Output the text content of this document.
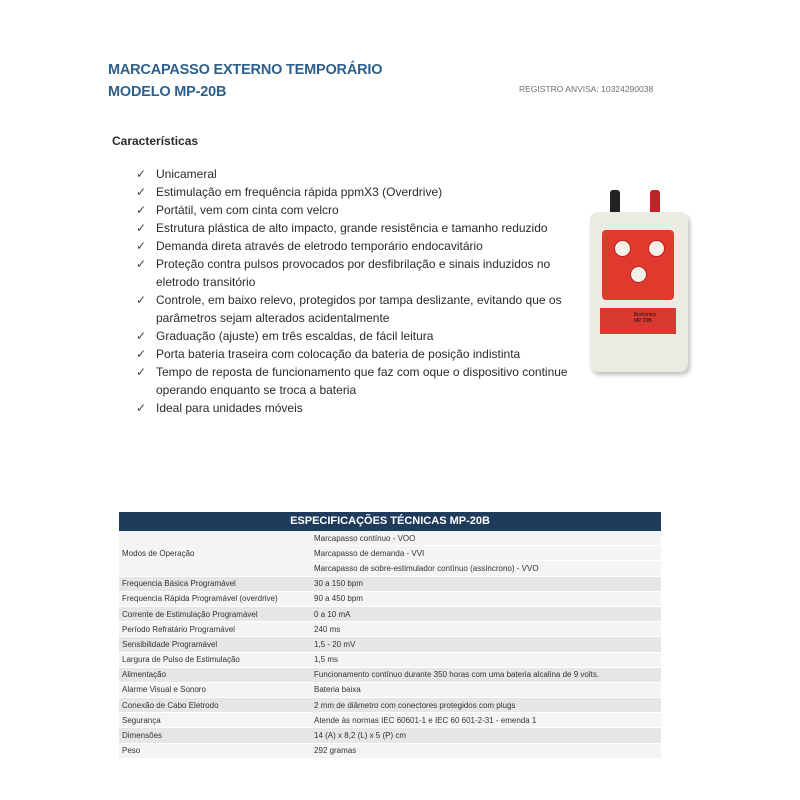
MARCAPASSO EXTERNO TEMPORÁRIO
MODELO MP-20B	REGISTRO ANVISA: 10324290038
Características
✓ Unicameral
✓ Estimulação em frequência rápida ppmX3 (Overdrive)
✓ Portátil, vem com cinta com velcro
✓ Estrutura plástica de alto impacto, grande resistência e tamanho reduzido
✓ Demanda direta através de eletrodo temporário endocavitário
✓ Proteção contra pulsos provocados por desfibrilação e sinais induzidos no eletrodo transitório
✓ Controle, em baixo relevo, protegidos por tampa deslizante, evitando que os parâmetros sejam alterados acidentalmente
✓ Graduação (ajuste) em três escaldas, de fácil leitura
✓ Porta bateria traseira com colocação da bateria de posição indistinta
✓ Tempo de reposta de funcionamento que faz com oque o dispositivo continue operando enquanto se troca a bateria
✓ Ideal para unidades móveis
Biotronics
MP 20B
ESPECIFICAÇÕES TÉCNICAS MP-20B
Modos de Operação	Marcapasso contínuo - VOO
	Marcapasso de demanda - VVI
	Marcapasso de sobre-estimulador contínuo (assíncrono) - VVO
Frequencia Básica Programável	30 a 150 bpm
Frequencia Rápida Programável (overdrive)	90 a 450 bpm
Corrente de Estimulação Programável	0 a 10 mA
Período Refratário Programável	240 ms
Sensibilidade Programável	1,5 - 20 mV
Largura de Pulso de Estimulação	1,5 ms
Alimentação	Funcionamento contínuo durante 350 horas com uma bateria alcalina de 9 volts.
Alarme Visual e Sonoro	Bateria baixa
Conexão de Cabo Eletrodo	2 mm de diâmetro com conectores protegidos com plugs
Segurança	Atende às normas IEC 60601-1 e IEC 60 601-2-31 - emenda 1
Dimensões	14 (A) x 8,2 (L) x 5 (P) cm
Peso	292 gramas
